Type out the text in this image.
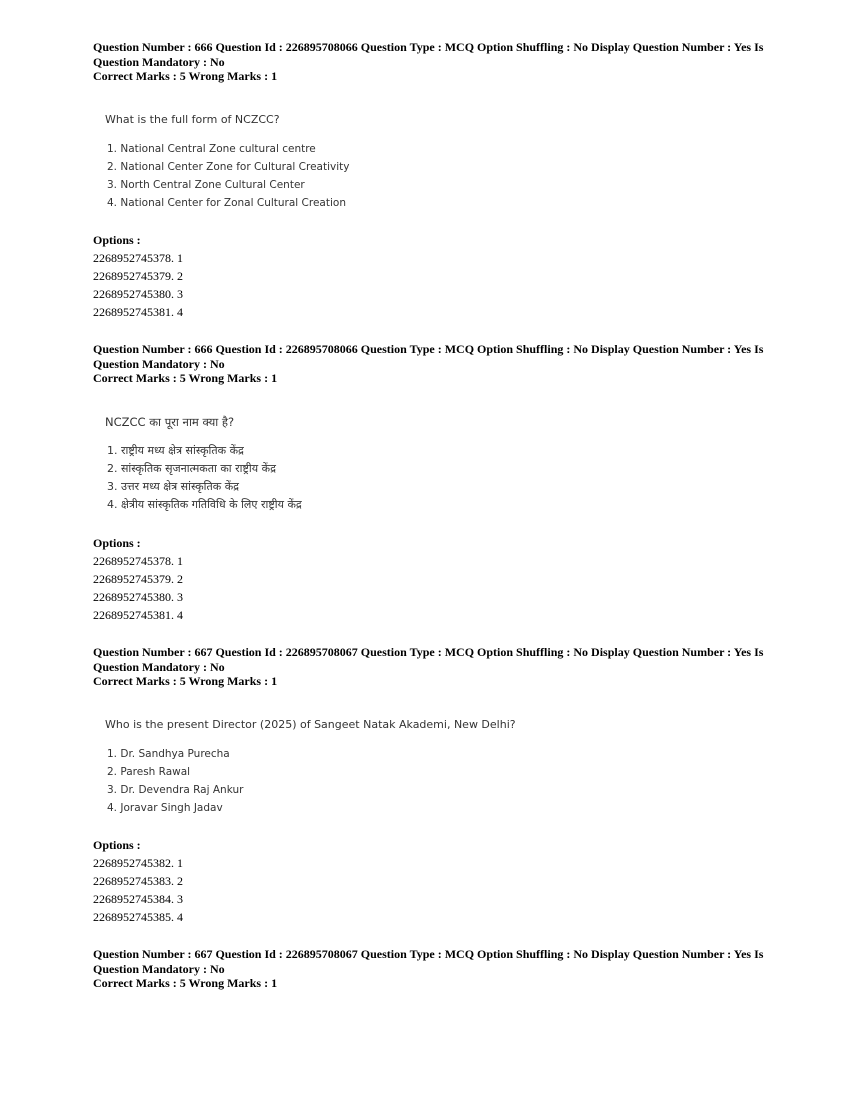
Question Number : 666 Question Id : 226895708066 Question Type : MCQ Option Shuffling : No Display Question Number : Yes Is
Question Mandatory : No
Correct Marks : 5 Wrong Marks : 1
What is the full form of NCZCC?
1. National Central Zone cultural centre
2. National Center Zone for Cultural Creativity
3. North Central Zone Cultural Center
4. National Center for Zonal Cultural Creation
Options :
2268952745378. 1
2268952745379. 2
2268952745380. 3
2268952745381. 4
Question Number : 666 Question Id : 226895708066 Question Type : MCQ Option Shuffling : No Display Question Number : Yes Is
Question Mandatory : No
Correct Marks : 5 Wrong Marks : 1
NCZCC का पूरा नाम क्या है?
1. राष्ट्रीय मध्य क्षेत्र सांस्कृतिक केंद्र
2. सांस्कृतिक सृजनात्मकता का राष्ट्रीय केंद्र
3. उत्तर मध्य क्षेत्र सांस्कृतिक केंद्र
4. क्षेत्रीय सांस्कृतिक गतिविधि के लिए राष्ट्रीय केंद्र
Options :
2268952745378. 1
2268952745379. 2
2268952745380. 3
2268952745381. 4
Question Number : 667 Question Id : 226895708067 Question Type : MCQ Option Shuffling : No Display Question Number : Yes Is
Question Mandatory : No
Correct Marks : 5 Wrong Marks : 1
Who is the present Director (2025) of Sangeet Natak Akademi, New Delhi?
1. Dr. Sandhya Purecha
2. Paresh Rawal
3. Dr. Devendra Raj Ankur
4. Joravar Singh Jadav
Options :
2268952745382. 1
2268952745383. 2
2268952745384. 3
2268952745385. 4
Question Number : 667 Question Id : 226895708067 Question Type : MCQ Option Shuffling : No Display Question Number : Yes Is
Question Mandatory : No
Correct Marks : 5 Wrong Marks : 1
